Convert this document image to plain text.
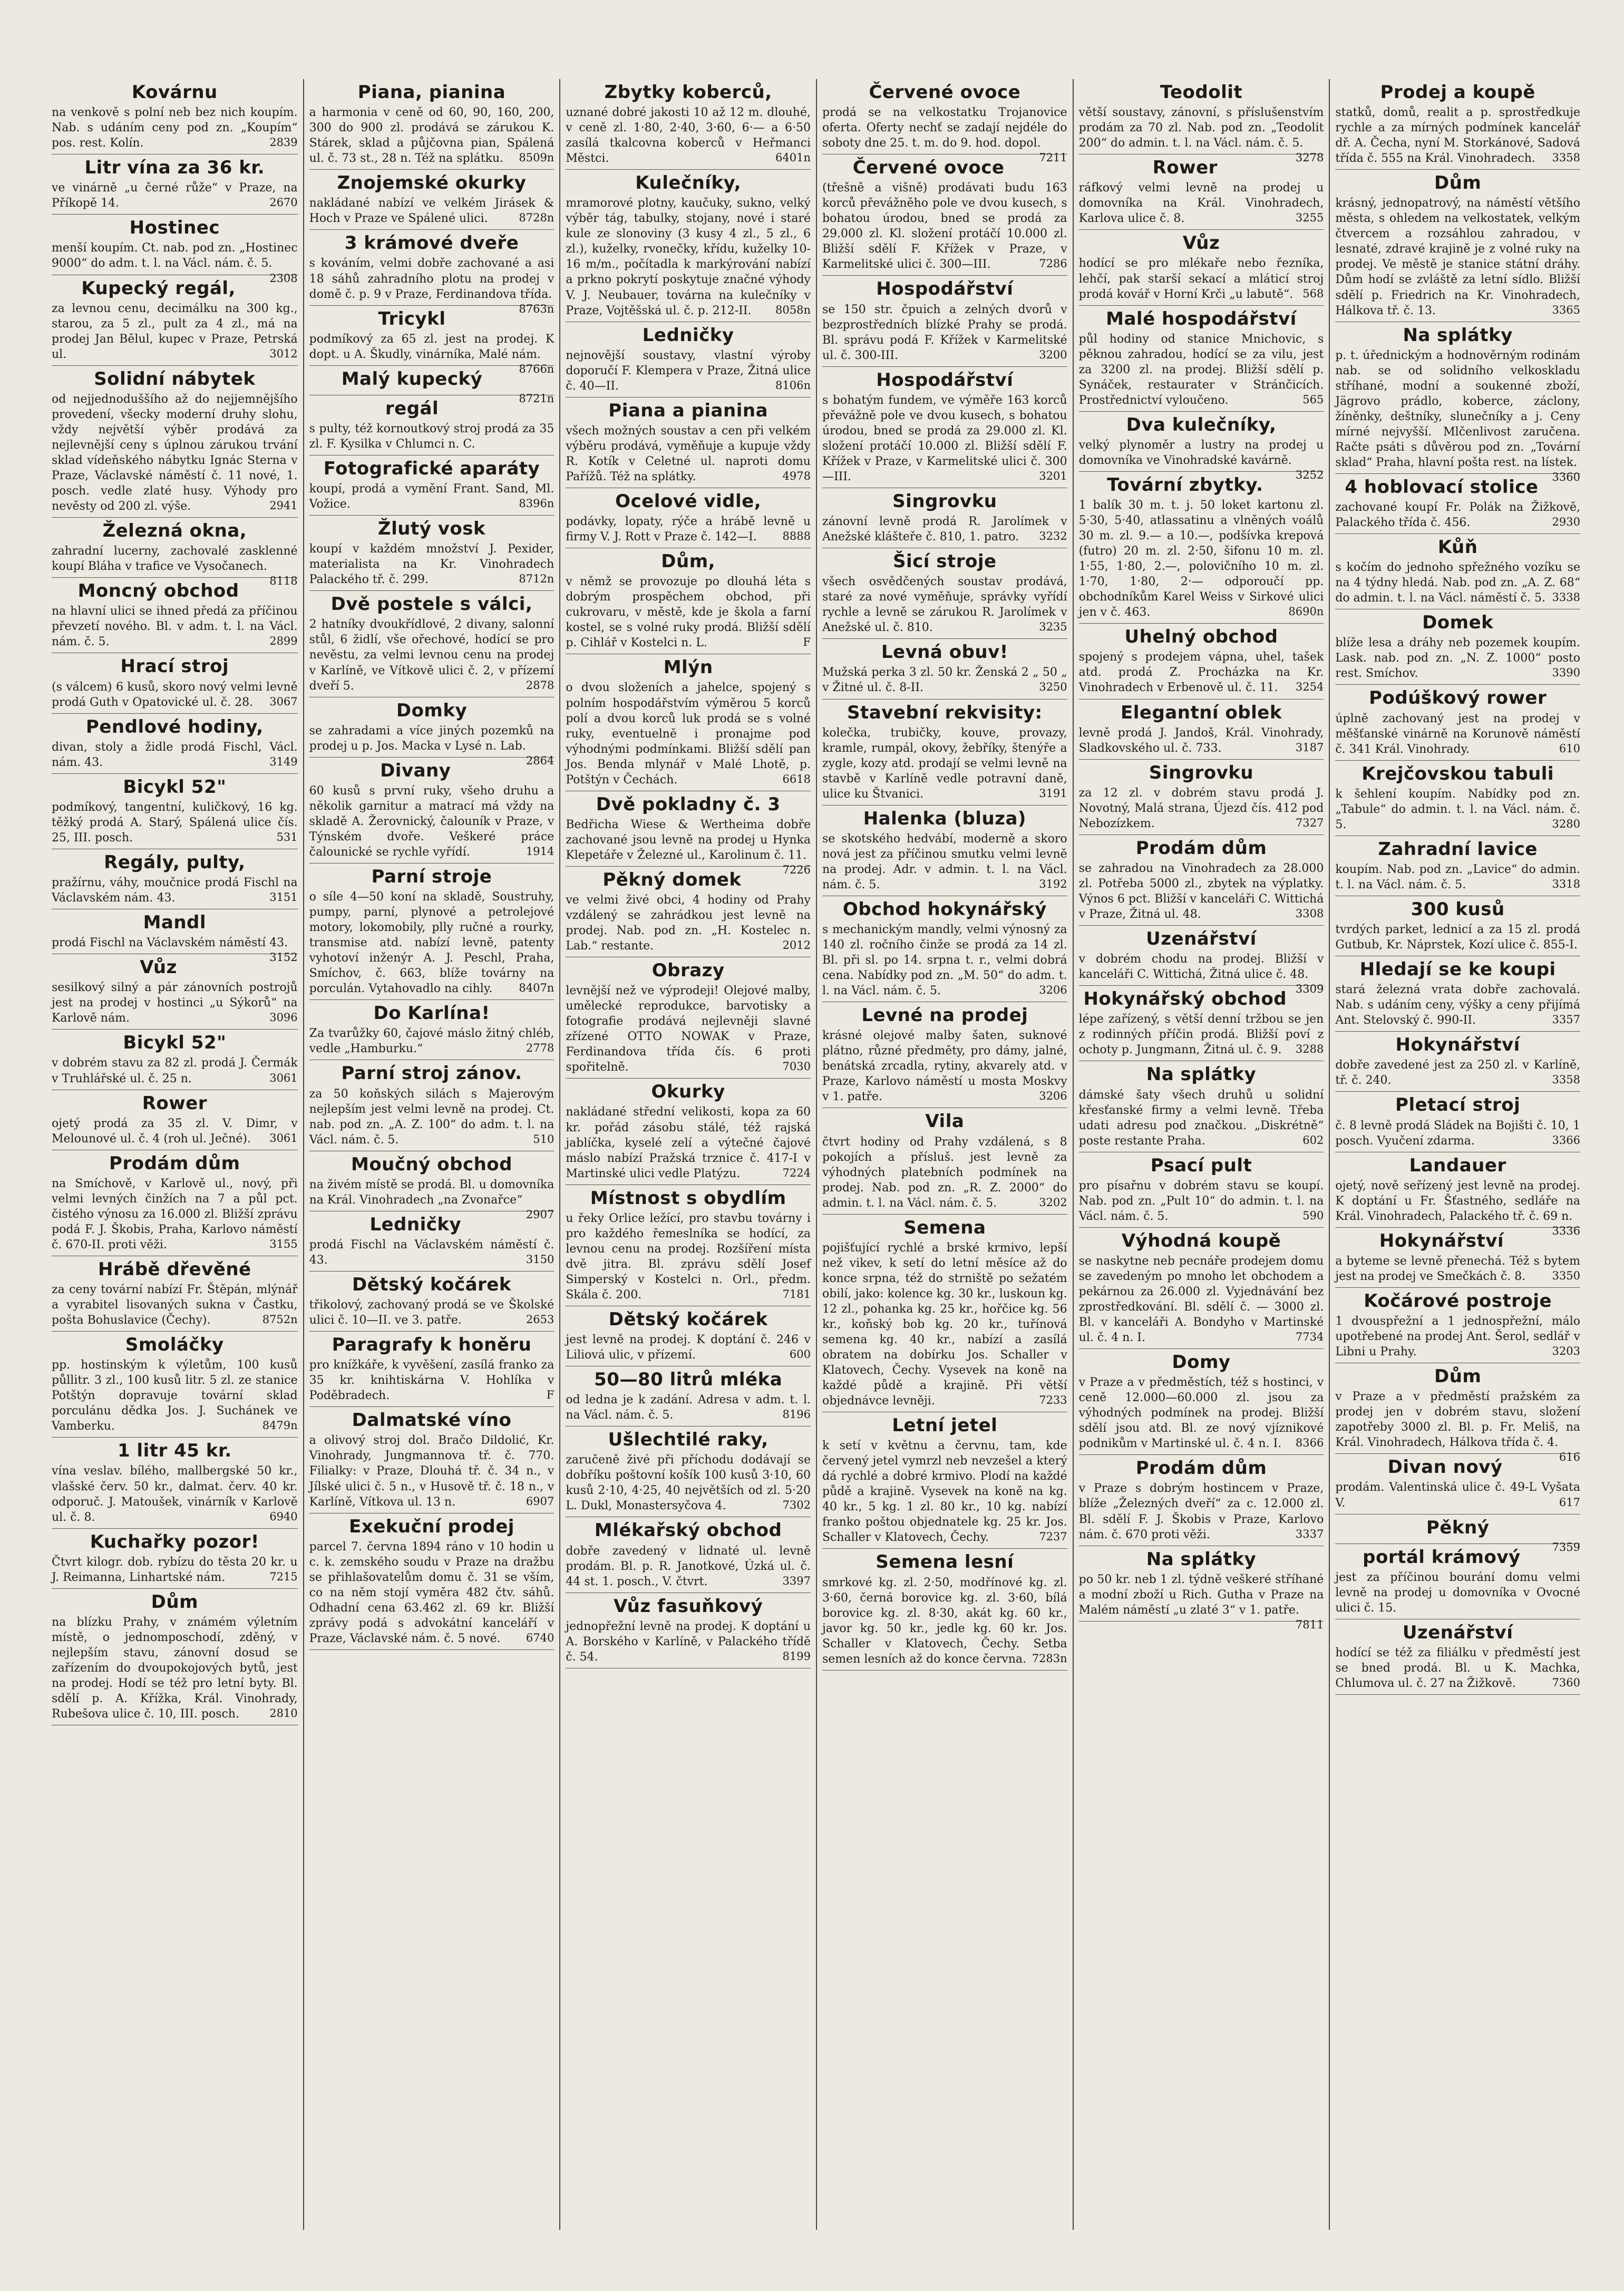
Kovárnu
na venkově s polní neb bez nich koupím. Nab. s udáním ceny pod zn. „Koupím“ pos. rest. Kolín.	2839
Litr vína za 36 kr.
ve vinárně „u černé růže“ v Praze, na Příkopě 14.	2670
Hostinec
menší koupím. Ct. nab. pod zn. „Hostinec 9000“ do adm. t. l. na Václ. nám. č. 5.
2308
Kupecký regál,
za levnou cenu, decimálku na 300 kg., starou, za 5 zl., pult za 4 zl., má na prodej Jan Bělul, kupec v Praze, Petrská ul.	3012
Solidní nábytek
od nejjednoduššího až do nejjemnějšího provedení, všecky moderní druhy slohu, vždy největší výběr prodává za nejlevnější ceny s úplnou zárukou trvání sklad vídeňského nábytku Ignác Sterna v Praze, Václavské náměstí č. 11 nové, 1. posch. vedle zlaté husy. Výhody pro nevěsty od 200 zl. výše.	2941
Železná okna,
zahradní lucerny, zachovalé zasklenné koupí Bláha v trafice ve Vysočanech.
8118
Moncný obchod
na hlavní ulici se ihned předá za příčinou převzetí nového. Bl. v adm. t. l. na Václ. nám. č. 5.	2899
Hrací stroj
(s válcem) 6 kusů, skoro nový velmi levně prodá Guth v Opatovické ul. č. 28.	3067
Pendlové hodiny,
divan, stoly a židle prodá Fischl, Václ. nám. 43.	3149
Bicykl 52"
podmíkový, tangentní, kuličkový, 16 kg. těžký prodá A. Starý, Spálená ulice čís. 25, III. posch.	531
Regály, pulty,
pražírnu, váhy, moučnice prodá Fischl na Václavském nám. 43.	3151
Mandl
prodá Fischl na Václavském náměstí 43.
3152
Vůz
sesilkový silný a pár zánovních postrojů jest na prodej v hostinci „u Sýkorů“ na Karlově nám.	3096
Bicykl 52"
v dobrém stavu za 82 zl. prodá J. Čermák v Truhlářské ul. č. 25 n.	3061
Rower
ojetý prodá za 35 zl. V. Dimr, v Melounové ul. č. 4 (roh ul. Ječné).	3061
Prodám dům
na Smíchově, v Karlově ul., nový, při velmi levných činžích na 7 a půl pct. čistého výnosu za 16.000 zl. Bližší zprávu podá F. J. Škobis, Praha, Karlovo náměstí č. 670-II. proti věži.	3155
Hrábě dřevěné
za ceny tovární nabízí Fr. Štěpán, mlýnář a vyrabitel lisovaných sukna v Častku, pošta Bohuslavice (Čechy).	8752n
Smoláčky
pp. hostinským k výletům, 100 kusů půllitr. 3 zl., 100 kusů litr. 5 zl. ze stanice Potštýn dopravuje tovární sklad porculánu dědka Jos. J. Suchánek ve Vamberku.	8479n
1 litr 45 kr.
vína veslav. bílého, mallbergské 50 kr., vlašské červ. 50 kr., dalmat. červ. 40 kr. odporuč. J. Matoušek, vinárník v Karlově ul. č. 8.	6940
Kuchařky pozor!
Čtvrt kilogr. dob. rybízu do těsta 20 kr. u J. Reimanna, Linhartské nám.	7215
Dům
na blízku Prahy, v známém výletním místě, o jednomposchodí, zděný, v nejlepším stavu, zánovní dosud se zařízením do dvoupokojových bytů, jest na prodej. Hodí se též pro letní byty. Bl. sdělí p. A. Křížka, Král. Vinohrady, Rubešova ulice č. 10, III. posch.	2810
Piana, pianina
a harmonia v ceně od 60, 90, 160, 200, 300 do 900 zl. prodává se zárukou K. Stárek, sklad a půjčovna pian, Spálená ul. č. 73 st., 28 n. Též na splátku.	8509n
Znojemské okurky
nakládané nabízí ve velkém Jirásek & Hoch v Praze ve Spálené ulici.	8728n
3 krámové dveře
s kováním, velmi dobře zachované a asi 18 sáhů zahradního plotu na prodej v domě č. p. 9 v Praze, Ferdinandova třída.
8763n
Tricykl
podmíkový za 65 zl. jest na prodej. K dopt. u A. Škudly, vinárníka, Malé nám.
8766n
Malý kupecký
8721n
regál
s pulty, též kornoutkový stroj prodá za 35 zl. F. Kysilka v Chlumci n. C.
Fotografické aparáty
koupí, prodá a vymění Frant. Sand, Ml. Vožice.	8396n
Žlutý vosk
koupí v každém množství J. Pexider, materialista na Kr. Vinohradech Palackého tř. č. 299.	8712n
Dvě postele s válci,
2 hatníky dvoukřídlové, 2 divany, salonní stůl, 6 židlí, vše ořechové, hodící se pro nevěstu, za velmi levnou cenu na prodej v Karlíně, ve Vítkově ulici č. 2, v přízemí dveří 5.	2878
Domky
se zahradami a více jiných pozemků na prodej u p. Jos. Macka v Lysé n. Lab.
2864
Divany
60 kusů s první ruky, všeho druhu a několik garnitur a matrací má vždy na skladě A. Žerovnický, čalouník v Praze, v Týnském dvoře. Veškeré práce čalounické se rychle vyřídí.	1914
Parní stroje
o síle 4—50 koní na skladě, Soustruhy, pumpy, parní, plynové a petrolejové motory, lokomobily, plly ručné a rourky, transmise atd. nabízí levně, patenty vyhotoví inženýr A. J. Peschl, Praha, Smíchov, č. 663, blíže továrny na porculán. Vytahovadlo na cihly.	8407n
Do Karlína!
Za tvarůžky 60, čajové máslo žitný chléb, vedle „Hamburku.“	2778
Parní stroj zánov.
za 50 koňských silách s Majerovým nejlepším jest velmi levně na prodej. Ct. nab. pod zn. „A. Z. 100“ do adm. t. l. na Václ. nám. č. 5.	510
Moučný obchod
na živém místě se prodá. Bl. u domovníka na Král. Vinohradech „na Zvonařce“
2907
Ledničky
prodá Fischl na Václavském náměstí č. 43.	3150
Dětský kočárek
třikolový, zachovaný prodá se ve Školské ulici č. 10—II. ve 3. patře.	2653
Paragrafy k honěru
pro knížkáře, k vyvěšení, zasílá franko za 35 kr. knihtiskárna V. Hohlíka v Poděbradech.	F
Dalmatské víno
a olivový stroj dol. Bračo Dildolić, Kr. Vinohrady, Jungmannova tř. č. 770. Filialky: v Praze, Dlouhá tř. č. 34 n., v Jílské ulici č. 5 n., v Husově tř. č. 18 n., v Karlíně, Vítkova ul. 13 n.	6907
Exekuční prodej
parcel 7. června 1894 ráno v 10 hodin u c. k. zemského soudu v Praze na dražbu se přihlašovatelům domu č. 31 se vším, co na něm stojí vyměra 482 čtv. sáhů. Odhadní cena 63.462 zl. 69 kr. Bližší zprávy podá s advokátní kanceláří v Praze, Václavské nám. č. 5 nové.	6740
Zbytky koberců,
uznané dobré jakosti 10 až 12 m. dlouhé, v ceně zl. 1·80, 2·40, 3·60, 6·— a 6·50 zasílá tkalcovna koberců v Heřmanci Městci.	6401n
Kulečníky,
mramorové plotny, kaučuky, sukno, velký výběr tág, tabulky, stojany, nové i staré kule ze slonoviny (3 kusy 4 zl., 5 zl., 6 zl.), kuželky, rvonečky, křídu, kuželky 10-16 m/m., počítadla k markýrování nabízí a prkno pokrytí poskytuje značné výhody V. J. Neubauer, továrna na kulečníky v Praze, Vojtěšská ul. č. p. 212-II.	8058n
Ledničky
nejnovější soustavy, vlastní výroby doporučí F. Klempera v Praze, Žitná ulice č. 40—II.	8106n
Piana a pianina
všech možných soustav a cen při velkém výběru prodává, vyměňuje a kupuje vždy R. Kotík v Celetné ul. naproti domu Pařížů. Též na splátky.	4978
Ocelové vidle,
podávky, lopaty, rýče a hrábě levně u firmy V. J. Rott v Praze č. 142—I.	8888
Dům,
v němž se provozuje po dlouhá léta s dobrým prospěchem obchod, při cukrovaru, v městě, kde je škola a farní kostel, se s volné ruky prodá. Bližší sdělí p. Cihlář v Kostelci n. L.	F
Mlýn
o dvou složeních a jahelce, spojený s polním hospodářstvím výměrou 5 korců polí a dvou korců luk prodá se s volné ruky, eventuelně i pronajme pod výhodnými podmínkami. Bližší sdělí pan Jos. Benda mlynář v Malé Lhotě, p. Potštýn v Čechách.	6618
Dvě pokladny č. 3
Bedřicha Wiese & Wertheima dobře zachované jsou levně na prodej u Hynka Klepetáře v Železné ul., Karolinum č. 11.
7226
Pěkný domek
ve velmi živé obci, 4 hodiny od Prahy vzdálený se zahrádkou jest levně na prodej. Nab. pod zn. „H. Kostelec n. Lab.“ restante.	2012
Obrazy
levnější než ve výprodeji! Olejové malby, umělecké reprodukce, barvotisky a fotografie prodává nejlevněji slavné zřízené OTTO NOWAK v Praze, Ferdinandova třída čís. 6 proti spořitelně.	7030
Okurky
nakládané střední velikosti, kopa za 60 kr. pořád zásobu stálé, též rajská jablíčka, kyselé zelí a výtečné čajové máslo nabízí Pražská trznice č. 417-I v Martinské ulici vedle Platýzu.	7224
Místnost s obydlím
u řeky Orlice ležící, pro stavbu továrny i pro každého řemeslníka se hodící, za levnou cenu na prodej. Rozšíření místa dvě jitra. Bl. zprávu sdělí Josef Simperský v Kostelci n. Orl., předm. Skála č. 200.	7181
Dětský kočárek
jest levně na prodej. K doptání č. 246 v Liliová ulic, v přízemí.	600
50—80 litrů mléka
od ledna je k zadání. Adresa v adm. t. l. na Václ. nám. č. 5.	8196
Ušlechtilé raky,
zaručeně živé při příchodu dodávají se dobříku poštovní košík 100 kusů 3·10, 60 kusů 2·10, 4·25, 40 největších od zl. 5·20 L. Dukl, Monastersyčova 4.	7302
Mlékařský obchod
dobře zavedený v lidnaté ul. levně prodám. Bl. p. R. Janotkové, Úzká ul. č. 44 st. 1. posch., V. čtvrt.	3397
Vůz fasuňkový
jednopřežní levně na prodej. K doptání u A. Borského v Karlíně, v Palackého třídě č. 54.	8199
Červené ovoce
prodá se na velkostatku Trojanovice oferta. Oferty nechť se zadají nejdéle do soboty dne 25. t. m. do 9. hod. dopol.
7211
Červené ovoce
(třešně a višně) prodávati budu 163 korců převážněho pole ve dvou kusech, s bohatou úrodou, bned se prodá za 29.000 zl. Kl. složení protáčí 10.000 zl. Bližší sdělí F. Křížek v Praze, v Karmelitské ulici č. 300—III.	7286
Hospodářství
se 150 str. čpuich a zelných dvorů v bezprostředních blízké Prahy se prodá. Bl. správu podá F. Křížek v Karmelitské ul. č. 300-III.	3200
Hospodářství
s bohatým fundem, ve výměře 163 korců převážně pole ve dvou kusech, s bohatou úrodou, bned se prodá za 29.000 zl. Kl. složení protáčí 10.000 zl. Bližší sdělí F. Křížek v Praze, v Karmelitské ulici č. 300—III.	3201
Singrovku
zánovní levně prodá R. Jarolímek v Anežské klášteře č. 810, 1. patro.	3232
Šicí stroje
všech osvědčených soustav prodává, staré za nové vyměňuje, správky vyřídí rychle a levně se zárukou R. Jarolímek v Anežské ul. č. 810.	3235
Levná obuv!
Mužská perka 3 zl. 50 kr. Ženská 2 „ 50 „ v Žitné ul. č. 8-II.	3250
Stavební rekvisity:
kolečka, trubičky, kouve, provazy, kramle, rumpál, okovy, žebříky, štenýře a zygle, kozy atd. prodají se velmi levně na stavbě v Karlíně vedle potravní daně, ulice ku Štvanici.	3191
Halenka (bluza)
se skotského hedvábí, moderně a skoro nová jest za příčinou smutku velmi levně na prodej. Adr. v admin. t. l. na Václ. nám. č. 5.	3192
Obchod hokynářský
s mechanickým mandly, velmi výnosný za 140 zl. ročního činže se prodá za 14 zl. Bl. při sl. po 14. srpna t. r., velmi dobrá cena. Nabídky pod zn. „M. 50“ do adm. t. l. na Václ. nám. č. 5.	3206
Levné na prodej
krásné olejové malby šaten, suknové plátno, různé předměty, pro dámy, jalné, benátská zrcadla, rytiny, akvarely atd. v Praze, Karlovo náměstí u mosta Moskvy v 1. patře.	3206
Vila
čtvrt hodiny od Prahy vzdálená, s 8 pokojích a přísluš. jest levně za výhodných platebních podmínek na prodej. Nab. pod zn. „R. Z. 2000“ do admin. t. l. na Václ. nám. č. 5.	3202
Semena
pojišťující rychlé a brské krmivo, lepší než vikev, k setí do letní měsíce až do konce srpna, též do strniště po sežatém obilí, jako: kolence kg. 30 kr., luskoun kg. 12 zl., pohanka kg. 25 kr., hořčice kg. 56 kr., koňský bob kg. 20 kr., tuřínová semena kg. 40 kr., nabízí a zasílá obratem na dobírku Jos. Schaller v Klatovech, Čechy. Vysevek na koně na každé půdě a krajině. Při větší objednávce levněji.	7233
Letní jetel
k setí v květnu a červnu, tam, kde červený jetel vymrzl neb nevzešel a který dá rychlé a dobré krmivo. Plodí na každé půdě a krajině. Vysevek na koně na kg. 40 kr., 5 kg. 1 zl. 80 kr., 10 kg. nabízí franko poštou objednatele kg. 25 kr. Jos. Schaller v Klatovech, Čechy.	7237
Semena lesní
smrkové kg. zl. 2·50, modřínové kg. zl. 3·60, černá borovice kg. zl. 3·60, bílá borovice kg. zl. 8·30, akát kg. 60 kr., javor kg. 50 kr., jedle kg. 60 kr. Jos. Schaller v Klatovech, Čechy. Setba semen lesních až do konce června. 7283n
Teodolit
větší soustavy, zánovní, s příslušenstvím prodám za 70 zl. Nab. pod zn. „Teodolit 200“ do admin. t. l. na Václ. nám. č. 5.
3278
Rower
ráfkový velmi levně na prodej u domovníka na Král. Vinohradech, Karlova ulice č. 8.	3255
Vůz
hodící se pro mlékaře nebo řezníka, lehčí, pak starší sekací a mláticí stroj prodá kovář v Horní Krči „u labutě“. 568
Malé hospodářství
půl hodiny od stanice Mnichovic, s pěknou zahradou, hodící se za vilu, jest za 3200 zl. na prodej. Bližší sdělí p. Synáček, restaurater v Stránčicích. Prostřednictví vyloučeno.	565
Dva kulečníky,
velký plynoměr a lustry na prodej u domovníka ve Vinohradské kavárně.
3252
Tovární zbytky.
1 balík 30 m. t. j. 50 loket kartonu zl. 5·30, 5·40, atlassatinu a vlněných voálů 30 m. zl. 9.— a 10.—, podšívka krepová (futro) 20 m. zl. 2·50, šifonu 10 m. zl. 1·55, 1·80, 2.—, polovičního 10 m. zl. 1·70, 1·80, 2·— odporoučí pp. obchodníkům Karel Weiss v Sirkové ulici jen v č. 463.	8690n
Uhelný obchod
spojený s prodejem vápna, uhel, tašek atd. prodá Z. Procházka na Kr. Vinohradech v Erbenově ul. č. 11.	3254
Elegantní oblek
levně prodá J. Jandoš, Král. Vinohrady, Sladkovského ul. č. 733.	3187
Singrovku
za 12 zl. v dobrém stavu prodá J. Novotný, Malá strana, Újezd čís. 412 pod Nebozízkem.	7327
Prodám dům
se zahradou na Vinohradech za 28.000 zl. Potřeba 5000 zl., zbytek na výplatky. Výnos 6 pct. Bližší v kanceláři C. Wittichá v Praze, Žitná ul. 48.	3308
Uzenářství
v dobrém chodu na prodej. Bližší v kanceláři C. Wittichá, Žitná ulice č. 48.
3309
Hokynářský obchod
lépe zařízený, s větší denní tržbou se jen z rodinných příčin prodá. Bližší poví z ochoty p. Jungmann, Žitná ul. č. 9.	3288
Na splátky
dámské šaty všech druhů u solidní křesťanské firmy a velmi levně. Třeba udati adresu pod značkou. „Diskrétně“ poste restante Praha.	602
Psací pult
pro písařnu v dobrém stavu se koupí. Nab. pod zn. „Pult 10“ do admin. t. l. na Václ. nám. č. 5.	590
Výhodná koupě
se naskytne neb pecnáře prodejem domu se zavedeným po mnoho let obchodem a pekárnou za 26.000 zl. Vyjednávání bez zprostředkování. Bl. sdělí č. — 3000 zl. Bl. v kanceláři A. Bondyho v Martinské ul. č. 4 n. I.	7734
Domy
v Praze a v předměstích, též s hostinci, v ceně 12.000—60.000 zl. jsou za výhodných podmínek na prodej. Bližší sdělí jsou atd. Bl. ze nový vjíznikové podnikům v Martinské ul. č. 4 n. I.	8366
Prodám dům
v Praze s dobrým hostincem v Praze, blíže „Železných dveří“ za c. 12.000 zl. Bl. sdělí F. J. Škobis v Praze, Karlovo nám. č. 670 proti věži.	3337
Na splátky
po 50 kr. neb 1 zl. týdně veškeré stříhané a modní zboží u Rich. Gutha v Praze na Malém náměstí „u zlaté 3“ v 1. patře.
7811
Prodej a koupě
statků, domů, realit a p. sprostředkuje rychle a za mírných podmínek kancelář dř. A. Čecha, nyní M. Storkánové, Sadová třída č. 555 na Král. Vinohradech.	3358
Dům
krásný, jednopatrový, na náměstí většího města, s ohledem na velkostatek, velkým čtvercem a rozsáhlou zahradou, v lesnaté, zdravé krajině je z volné ruky na prodej. Ve městě je stanice státní dráhy. Dům hodí se zvláště za letní sídlo. Bližší sdělí p. Friedrich na Kr. Vinohradech, Hálkova tř. č. 13.	3365
Na splátky
p. t. úřednickým a hodnověrným rodinám nab. se od solidního velkoskladu stříhané, modní a soukenné zboží, Jägrovo prádlo, koberce, záclony, žíněnky, deštníky, slunečníky a j. Ceny mírné nejvyšší. Mlčenlivost zaručena. Račte psáti s důvěrou pod zn. „Tovární sklad“ Praha, hlavní pošta rest. na lístek.
3360
4 hoblovací stolice
zachované koupí Fr. Polák na Žižkově, Palackého třída č. 456.	2930
Kůň
s kočím do jednoho spřežného vozíku se na 4 týdny hledá. Nab. pod zn. „A. Z. 68“ do admin. t. l. na Václ. náměstí č. 5. 3338
Domek
blíže lesa a dráhy neb pozemek koupím. Lask. nab. pod zn. „N. Z. 1000“ posto rest. Smíchov.	3390
Podúškový rower
úplně zachovaný jest na prodej v měšťanské vinárně na Korunově náměstí č. 341 Král. Vinohrady.	610
Krejčovskou tabuli
k šehlení koupím. Nabídky pod zn. „Tabule“ do admin. t. l. na Václ. nám. č. 5.	3280
Zahradní lavice
koupím. Nab. pod zn. „Lavice“ do admin. t. l. na Václ. nám. č. 5.	3318
300 kusů
tvrdých parket, lednicí a za 15 zl. prodá Gutbub, Kr. Náprstek, Kozí ulice č. 855-I.
Hledají se ke koupi
stará železná vrata dobře zachovalá. Nab. s udáním ceny, výšky a ceny přijímá Ant. Stelovský č. 990-II.	3357
Hokynářství
dobře zavedené jest za 250 zl. v Karlíně, tř. č. 240.	3358
Pletací stroj
č. 8 levně prodá Sládek na Bojišti č. 10, 1 posch. Vyučení zdarma.	3366
Landauer
ojetý, nově seřízený jest levně na prodej. K doptání u Fr. Šťastného, sedláře na Král. Vinohradech, Palackého tř. č. 69 n.
3336
Hokynářství
a byteme se levně přenechá. Též s bytem jest na prodej ve Smečkách č. 8.	3350
Kočárové postroje
1 dvouspřežní a 1 jednospřežní, málo upotřebené na prodej Ant. Šerol, sedlář v Libni u Prahy.	3203
Dům
v Praze a v předměstí pražském za prodej jen v dobrém stavu, složení zapotřeby 3000 zl. Bl. p. Fr. Meliš, na Král. Vinohradech, Hálkova třída č. 4.
616
Divan nový
prodám. Valentinská ulice č. 49-L Vyšata V.	617
Pěkný
7359
portál krámový
jest za příčinou bourání domu velmi levně na prodej u domovníka v Ovocné ulici č. 15.
Uzenářství
hodící se též za filiálku v předměstí jest se bned prodá. Bl. u K. Machka, Chlumova ul. č. 27 na Žižkově.	7360
